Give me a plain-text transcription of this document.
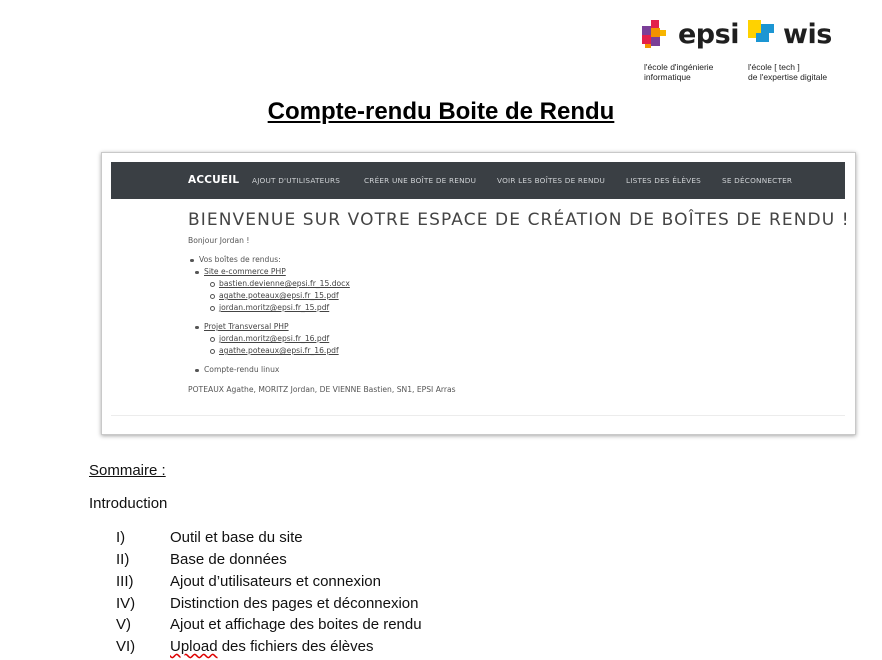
epsi
l'école d'ingénierie
informatique
wis
l'école [ tech ]
de l'expertise digitale
Compte-rendu Boite de Rendu
ACCUEIL AJOUT D'UTILISATEURS	CRÉER UNE BOÎTE DE RENDU	VOIR LES BOÎTES DE RENDU	LISTES DES ÉLÈVES	SE DÉCONNECTER
BIENVENUE SUR VOTRE ESPACE DE CRÉATION DE BOÎTES DE RENDU !
Bonjour Jordan !
Vos boîtes de rendus:
Site e-commerce PHP
bastien.devienne@epsi.fr_15.docx
agathe.poteaux@epsi.fr_15.pdf
jordan.moritz@epsi.fr_15.pdf
Projet Transversal PHP
jordan.moritz@epsi.fr_16.pdf
agathe.poteaux@epsi.fr_16.pdf
Compte-rendu linux
POTEAUX Agathe, MORITZ Jordan, DE VIENNE Bastien, SN1, EPSI Arras
Sommaire :
Introduction
I)	Outil et base du site
II)	Base de données
III) Ajout d’utilisateurs et connexion
IV) Distinction des pages et déconnexion
V)	Ajout et affichage des boites de rendu
VI) Upload des fichiers des élèves
